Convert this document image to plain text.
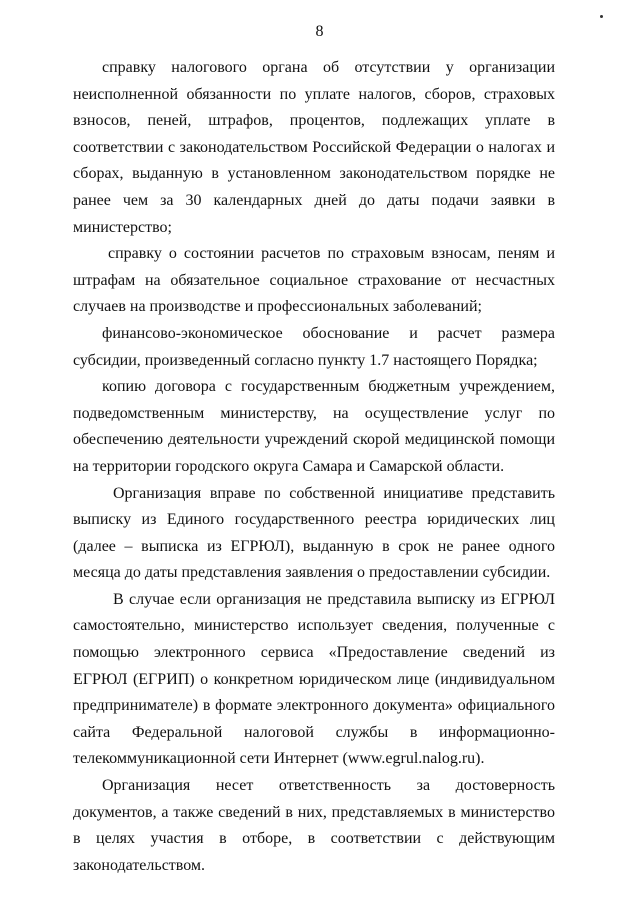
8

справку налогового органа об отсутствии у организации неисполненной обязанности по уплате налогов, сборов, страховых взносов, пеней, штрафов, процентов, подлежащих уплате в соответствии с законодательством Российской Федерации о налогах и сборах, выданную в установленном законодательством порядке не ранее чем за 30 календарных дней до даты подачи заявки в министерство;

справку о состоянии расчетов по страховым взносам, пеням и штрафам на обязательное социальное страхование от несчастных случаев на производстве и профессиональных заболеваний;

финансово-экономическое обоснование и расчет размера субсидии, произведенный согласно пункту 1.7 настоящего Порядка;

копию договора с государственным бюджетным учреждением, подведомственным министерству, на осуществление услуг по обеспечению деятельности учреждений скорой медицинской помощи на территории городского округа Самара и Самарской области.

Организация вправе по собственной инициативе представить выписку из Единого государственного реестра юридических лиц (далее – выписка из ЕГРЮЛ), выданную в срок не ранее одного месяца до даты представления заявления о предоставлении субсидии.

В случае если организация не представила выписку из ЕГРЮЛ самостоятельно, министерство использует сведения, полученные с помощью электронного сервиса «Предоставление сведений из ЕГРЮЛ (ЕГРИП) о конкретном юридическом лице (индивидуальном предпринимателе) в формате электронного документа» официального сайта Федеральной налоговой службы в информационно-телекоммуникационной сети Интернет (www.egrul.nalog.ru).

Организация несет ответственность за достоверность документов, а также сведений в них, представляемых в министерство в целях участия в отборе, в соответствии с действующим законодательством.
